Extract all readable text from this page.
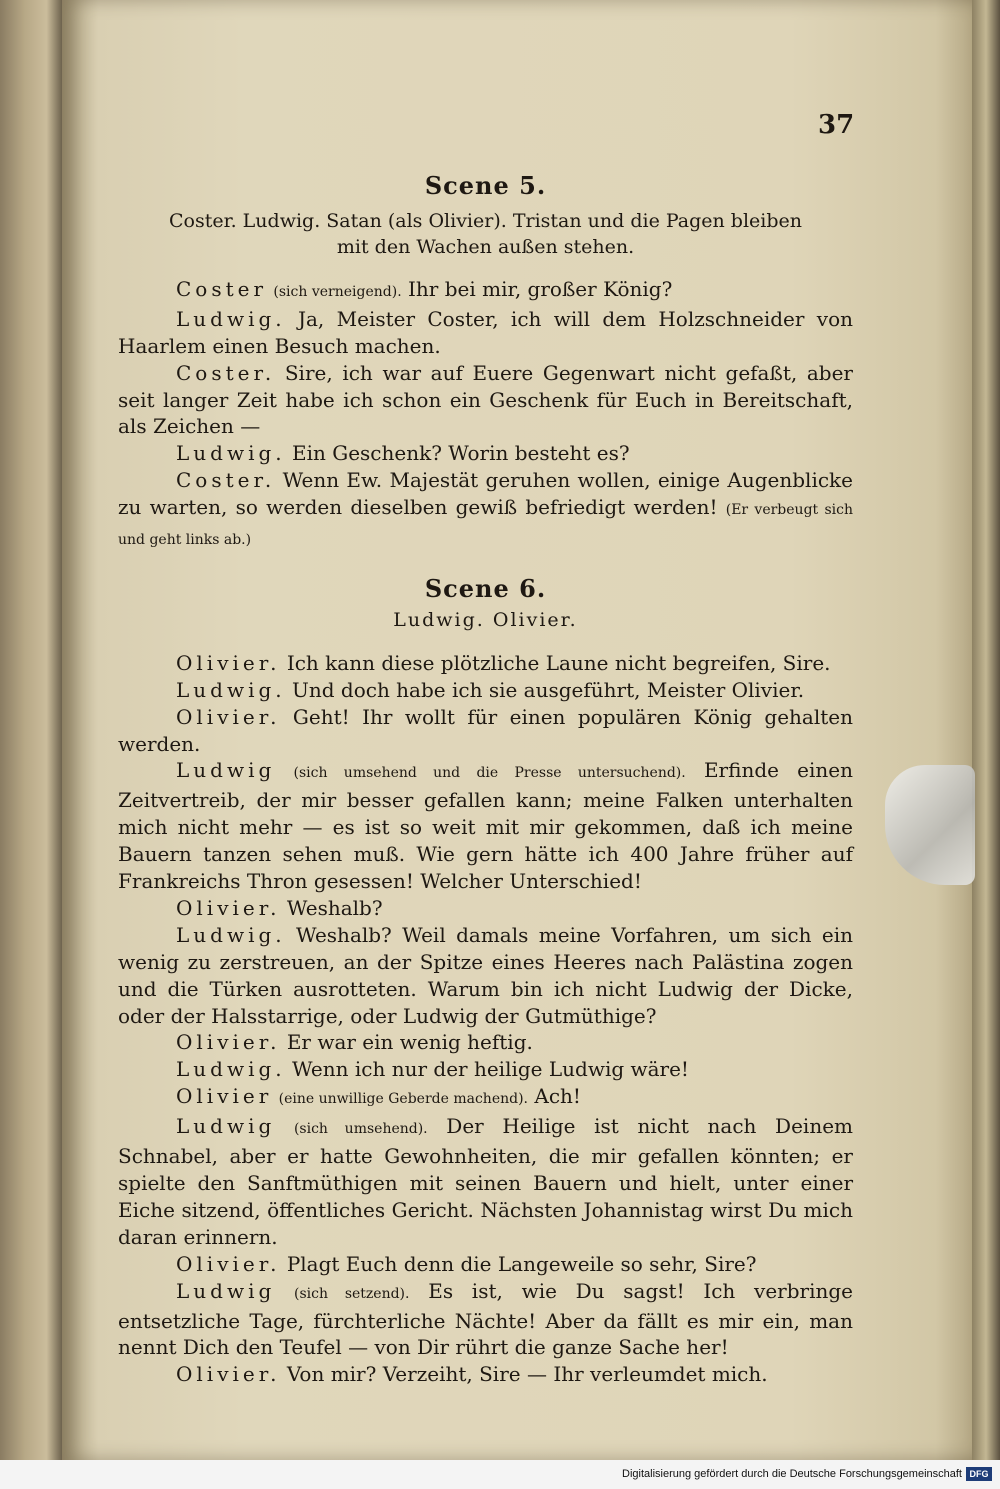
37
Scene 5.
Coster. Ludwig. Satan (als Olivier). Tristan und die Pagen bleiben
mit den Wachen außen stehen.

Coster (sich verneigend). Ihr bei mir, großer König?

Ludwig. Ja, Meister Coster, ich will dem Holzschneider von Haarlem einen Besuch machen.

Coster. Sire, ich war auf Euere Gegenwart nicht gefaßt, aber seit langer Zeit habe ich schon ein Geschenk für Euch in Bereitschaft, als Zeichen —

Ludwig. Ein Geschenk? Worin besteht es?

Coster. Wenn Ew. Majestät geruhen wollen, einige Augenblicke zu warten, so werden dieselben gewiß befriedigt werden! (Er verbeugt sich und geht links ab.)

Scene 6.
Ludwig. Olivier.

Olivier. Ich kann diese plötzliche Laune nicht begreifen, Sire.

Ludwig. Und doch habe ich sie ausgeführt, Meister Olivier.

Olivier. Geht! Ihr wollt für einen populären König gehalten werden.

Ludwig (sich umsehend und die Presse untersuchend). Erfinde einen Zeitvertreib, der mir besser gefallen kann; meine Falken unterhalten mich nicht mehr — es ist so weit mit mir gekommen, daß ich meine Bauern tanzen sehen muß. Wie gern hätte ich 400 Jahre früher auf Frankreichs Thron gesessen! Welcher Unterschied!

Olivier. Weshalb?

Ludwig. Weshalb? Weil damals meine Vorfahren, um sich ein wenig zu zerstreuen, an der Spitze eines Heeres nach Palästina zogen und die Türken ausrotteten. Warum bin ich nicht Ludwig der Dicke, oder der Halsstarrige, oder Ludwig der Gutmüthige?

Olivier. Er war ein wenig heftig.

Ludwig. Wenn ich nur der heilige Ludwig wäre!

Olivier (eine unwillige Geberde machend). Ach!

Ludwig (sich umsehend). Der Heilige ist nicht nach Deinem Schnabel, aber er hatte Gewohnheiten, die mir gefallen könnten; er spielte den Sanftmüthigen mit seinen Bauern und hielt, unter einer Eiche sitzend, öffentliches Gericht. Nächsten Johannistag wirst Du mich daran erinnern.

Olivier. Plagt Euch denn die Langeweile so sehr, Sire?

Ludwig (sich setzend). Es ist, wie Du sagst! Ich verbringe entsetzliche Tage, fürchterliche Nächte! Aber da fällt es mir ein, man nennt Dich den Teufel — von Dir rührt die ganze Sache her!

Olivier. Von mir? Verzeiht, Sire — Ihr verleumdet mich.

Digitalisierung gefördert durch die Deutsche Forschungsgemeinschaft DFG
